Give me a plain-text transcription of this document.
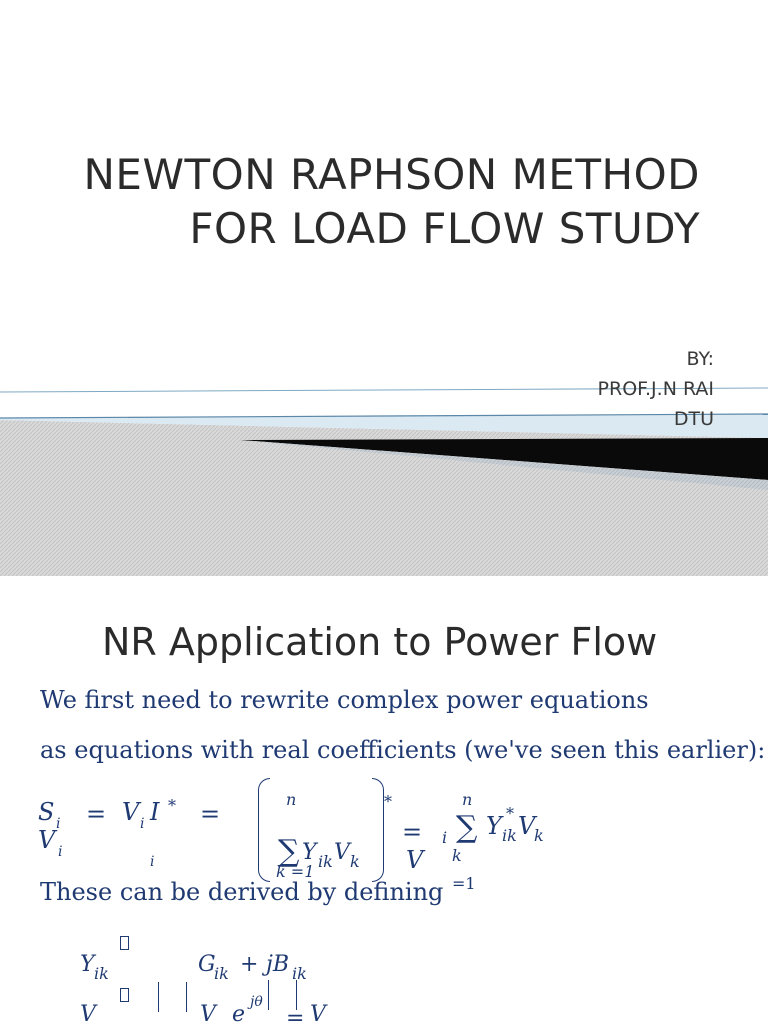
NEWTON RAPHSON METHOD
FOR LOAD FLOW STUDY
BY:
PROF.J.N RAI
DTU
NR Application to Power Flow
We first need to rewrite complex power equations
as equations with real coefficients (we've seen this earlier):
S i
V i
= V i I *
i
=
n
∑ Y ik V k
k =1
*
=
V
i
n
∑ Y ik
* V
k
k
=1
These can be derived by defining
Y ik	G
ik + jB ik
V	V e jθ
= V
